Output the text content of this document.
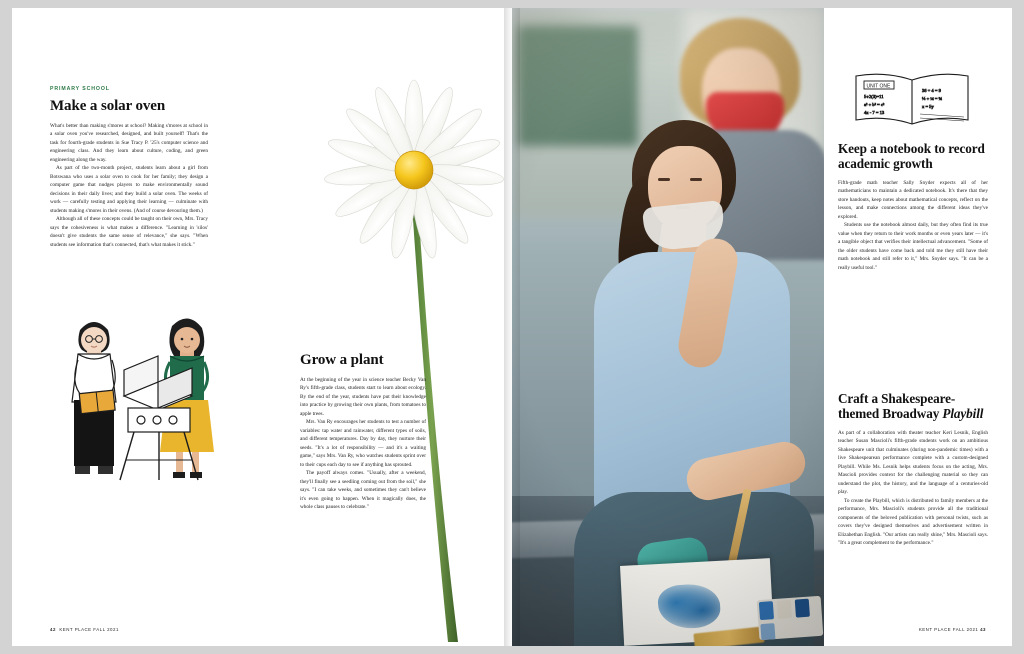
PRIMARY SCHOOL
Make a solar oven

What's better than making s'mores at school? Making s'mores at school in a solar oven you've researched, designed, and built yourself! That's the task for fourth-grade students in Sue Tracy P. '25's computer science and engineering class. And they learn about culture, coding, and green engineering along the way.

As part of the two-month project, students learn about a girl from Botswana who uses a solar oven to cook for her family; they design a computer game that nudges players to make environmentally sound decisions in their daily lives; and they build a solar oven. The weeks of work — carefully testing and applying their learning — culminate with students making s'mores in their ovens. (And of course devouring them.)

Although all of these concepts could be taught on their own, Mrs. Tracy says the cohesiveness is what makes a difference. "Learning in 'silos' doesn't give students the same sense of relevance," she says. "When students see information that's connected, that's what makes it stick."

Grow a plant

At the beginning of the year in science teacher Becky Van Ry's fifth-grade class, students start to learn about ecology. By the end of the year, students have put their knowledge into practice by growing their own plants, from tomatoes to apple trees.

Mrs. Van Ry encourages her students to test a number of variables: tap water and rainwater, different types of soils, and different temperatures. Day by day, they nurture their seeds. "It's a lot of responsibility — and it's a waiting game," says Mrs. Van Ry, who watches students sprint over to their cups each day to see if anything has sprouted.

The payoff always comes. "Usually, after a weekend, they'll finally see a seedling coming out from the soil," she says. "I can take weeks, and sometimes they can't believe it's even going to happen. When it magically does, the whole class pauses to celebrate."

42 KENT PLACE FALL 2021
UNIT ONE
5+2(3)=11
a² + b² = c²
4x - 7 = 13
36 ÷ 4 = 9
½ + ¼ = ¾
x = 5y
Keep a notebook to record academic growth

Fifth-grade math teacher Sally Snyder expects all of her mathematicians to maintain a dedicated notebook. It's there that they store handouts, keep notes about mathematical concepts, reflect on the lesson, and make connections among the different ideas they've explored.

Students use the notebook almost daily, but they often find its true value when they return to their work months or even years later — it's a tangible object that verifies their intellectual advancement. "Some of the older students have come back and told me they still have their math notebook and still refer to it," Mrs. Snyder says. "It can be a really useful tool."

Craft a Shakespeare-themed Broadway Playbill

As part of a collaboration with theater teacher Keri Lesnik, English teacher Susan Mascioli's fifth-grade students work on an ambitious Shakespeare unit that culminates (during non-pandemic times) with a live Shakespearean performance complete with a custom-designed Playbill. While Ms. Lesnik helps students focus on the acting, Mrs. Mascioli provides context for the challenging material so they can understand the plot, the history, and the language of a centuries-old play.

To create the Playbill, which is distributed to family members at the performance, Mrs. Mascioli's students provide all the traditional components of the beloved publication with personal twists, such as covers they've designed themselves and advertisement written in Elizabethan English. "Our artists can really shine," Mrs. Mascioli says. "It's a great complement to the performance."

KENT PLACE FALL 2021 43
